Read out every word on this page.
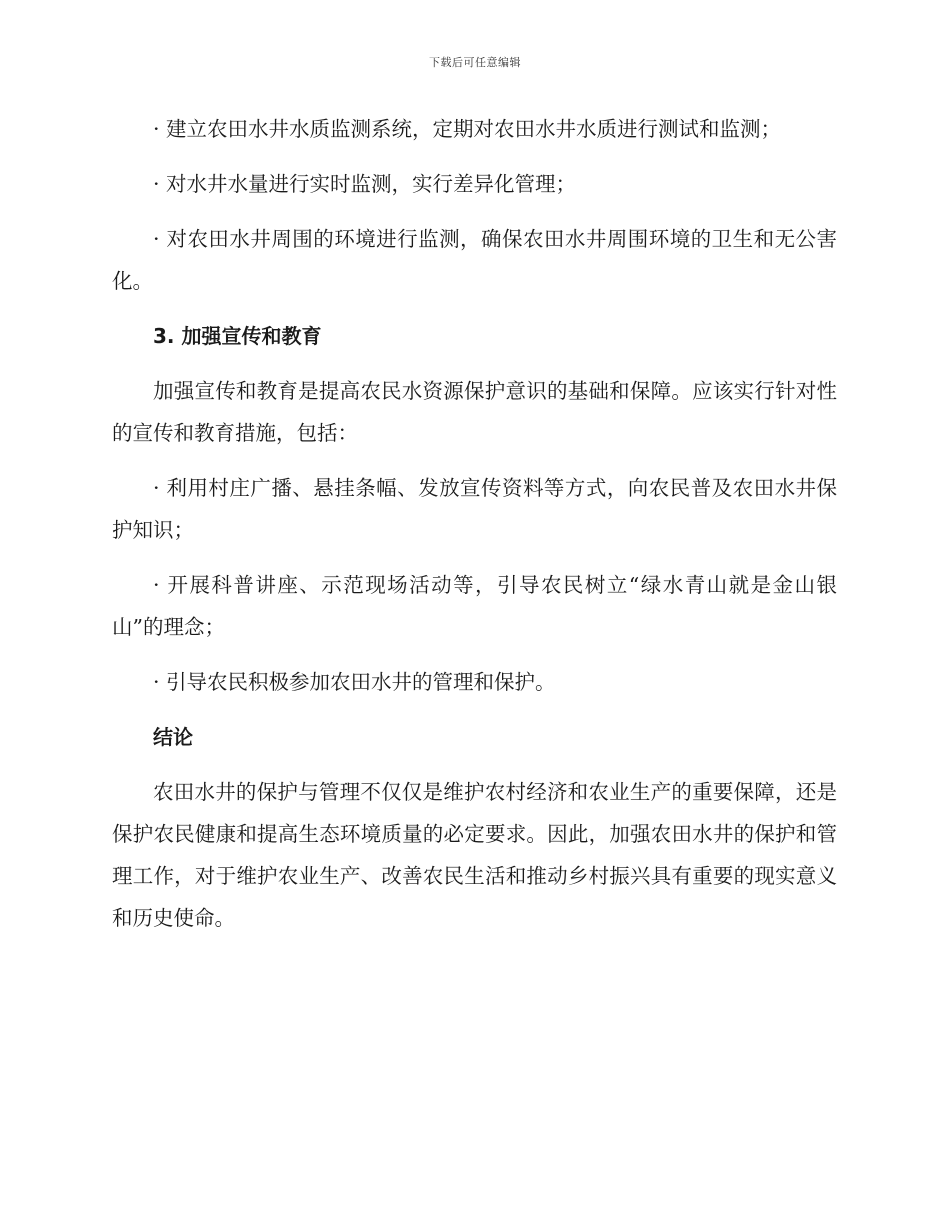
下载后可任意编辑

· 建立农田水井水质监测系统，定期对农田水井水质进行测试和监测；

· 对水井水量进行实时监测，实行差异化管理；

· 对农田水井周围的环境进行监测，确保农田水井周围环境的卫生和无公害化。

3. 加强宣传和教育

加强宣传和教育是提高农民水资源保护意识的基础和保障。应该实行针对性的宣传和教育措施，包括：

· 利用村庄广播、悬挂条幅、发放宣传资料等方式，向农民普及农田水井保护知识；

· 开展科普讲座、示范现场活动等，引导农民树立“绿水青山就是金山银山”的理念；

· 引导农民积极参加农田水井的管理和保护。

结论

农田水井的保护与管理不仅仅是维护农村经济和农业生产的重要保障，还是保护农民健康和提高生态环境质量的必定要求。因此，加强农田水井的保护和管理工作，对于维护农业生产、改善农民生活和推动乡村振兴具有重要的现实意义和历史使命。
